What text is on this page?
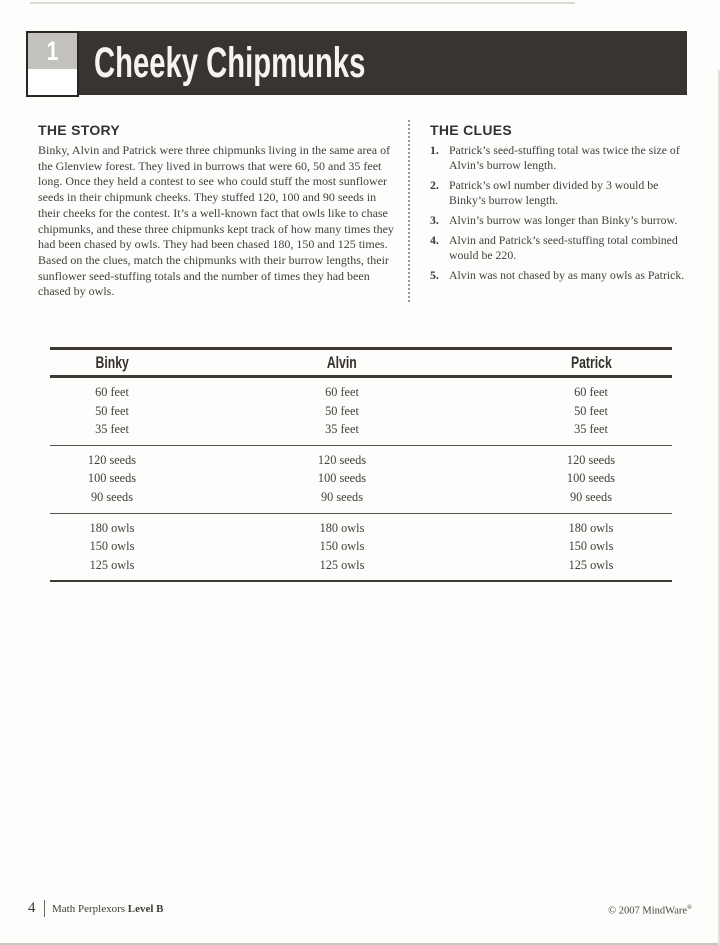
Cheeky Chipmunks
1
THE STORY
Binky, Alvin and Patrick were three chipmunks living in the same area of the Glenview forest. They lived in burrows that were 60, 50 and 35 feet long. Once they held a contest to see who could stuff the most sunflower seeds in their chipmunk cheeks. They stuffed 120, 100 and 90 seeds in their cheeks for the contest. It’s a well-known fact that owls like to chase chipmunks, and these three chipmunks kept track of how many times they had been chased by owls. They had been chased 180, 150 and 125 times. Based on the clues, match the chipmunks with their burrow lengths, their sunflower seed-stuffing totals and the number of times they had been chased by owls.
THE CLUES
1. Patrick’s seed-stuffing total was twice the size of Alvin’s burrow length.
2. Patrick’s owl number divided by 3 would be Binky’s burrow length.
3. Alvin’s burrow was longer than Binky’s burrow.
4. Alvin and Patrick’s seed-stuffing total combined would be 220.
5. Alvin was not chased by as many owls as Patrick.
Binky	Alvin	Patrick
60 feet	60 feet	60 feet
50 feet	50 feet	50 feet
35 feet	35 feet	35 feet
120 seeds	120 seeds	120 seeds
100 seeds	100 seeds	100 seeds
90 seeds	90 seeds	90 seeds
180 owls	180 owls	180 owls
150 owls	150 owls	150 owls
125 owls	125 owls	125 owls
4 Math Perplexors Level B	© 2007 MindWare®
